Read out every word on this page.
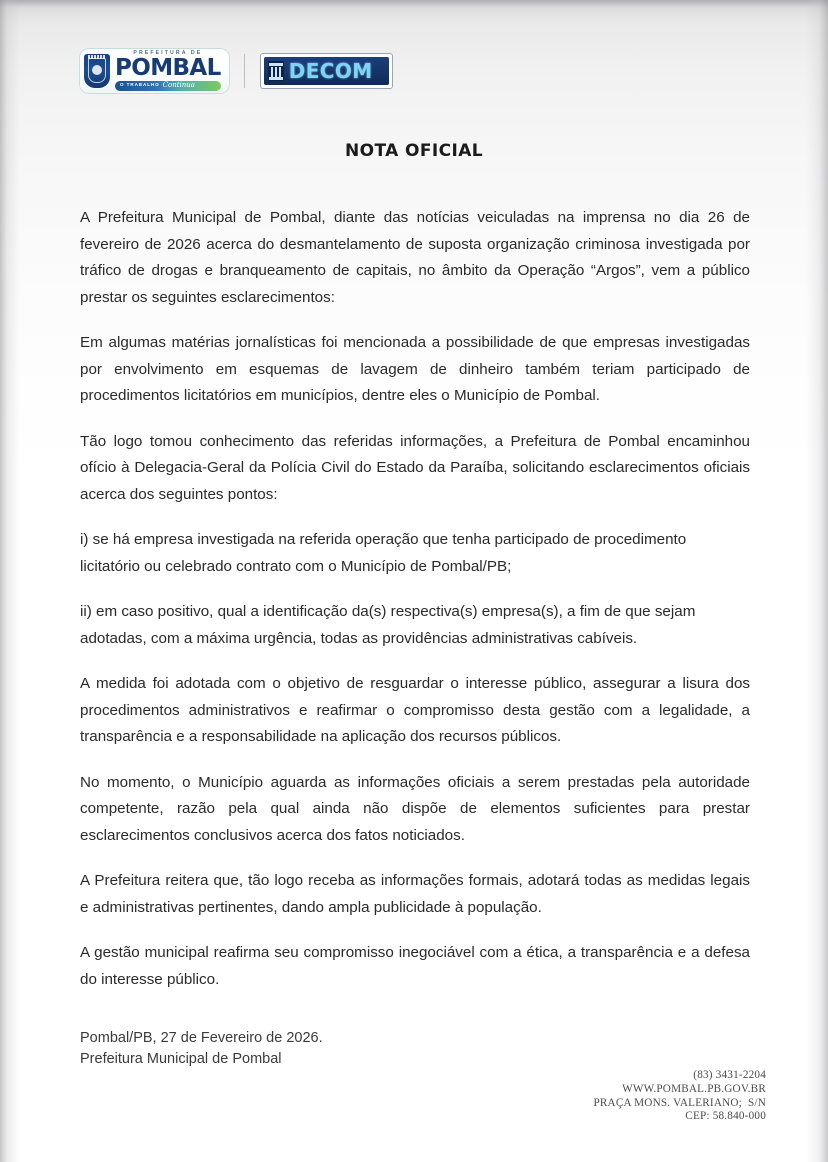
PREFEITURA DE
POMBAL
O TRABALHO Continua
DECOM
NOTA OFICIAL

A Prefeitura Municipal de Pombal, diante das notícias veiculadas na imprensa no dia 26 de fevereiro de 2026 acerca do desmantelamento de suposta organização criminosa investigada por tráfico de drogas e branqueamento de capitais, no âmbito da Operação “Argos”, vem a público prestar os seguintes esclarecimentos:

Em algumas matérias jornalísticas foi mencionada a possibilidade de que empresas investigadas por envolvimento em esquemas de lavagem de dinheiro também teriam participado de procedimentos licitatórios em municípios, dentre eles o Município de Pombal.

Tão logo tomou conhecimento das referidas informações, a Prefeitura de Pombal encaminhou ofício à Delegacia-Geral da Polícia Civil do Estado da Paraíba, solicitando esclarecimentos oficiais acerca dos seguintes pontos:

i) se há empresa investigada na referida operação que tenha participado de procedimento licitatório ou celebrado contrato com o Município de Pombal/PB;

ii) em caso positivo, qual a identificação da(s) respectiva(s) empresa(s), a fim de que sejam adotadas, com a máxima urgência, todas as providências administrativas cabíveis.

A medida foi adotada com o objetivo de resguardar o interesse público, assegurar a lisura dos procedimentos administrativos e reafirmar o compromisso desta gestão com a legalidade, a transparência e a responsabilidade na aplicação dos recursos públicos.

No momento, o Município aguarda as informações oficiais a serem prestadas pela autoridade competente, razão pela qual ainda não dispõe de elementos suficientes para prestar esclarecimentos conclusivos acerca dos fatos noticiados.

A Prefeitura reitera que, tão logo receba as informações formais, adotará todas as medidas legais e administrativas pertinentes, dando ampla publicidade à população.

A gestão municipal reafirma seu compromisso inegociável com a ética, a transparência e a defesa do interesse público.

Pombal/PB, 27 de Fevereiro de 2026.
Prefeitura Municipal de Pombal
(83) 3431-2204
WWW.POMBAL.PB.GOV.BR
PRAÇA MONS. VALERIANO;  S/N
CEP: 58.840-000
